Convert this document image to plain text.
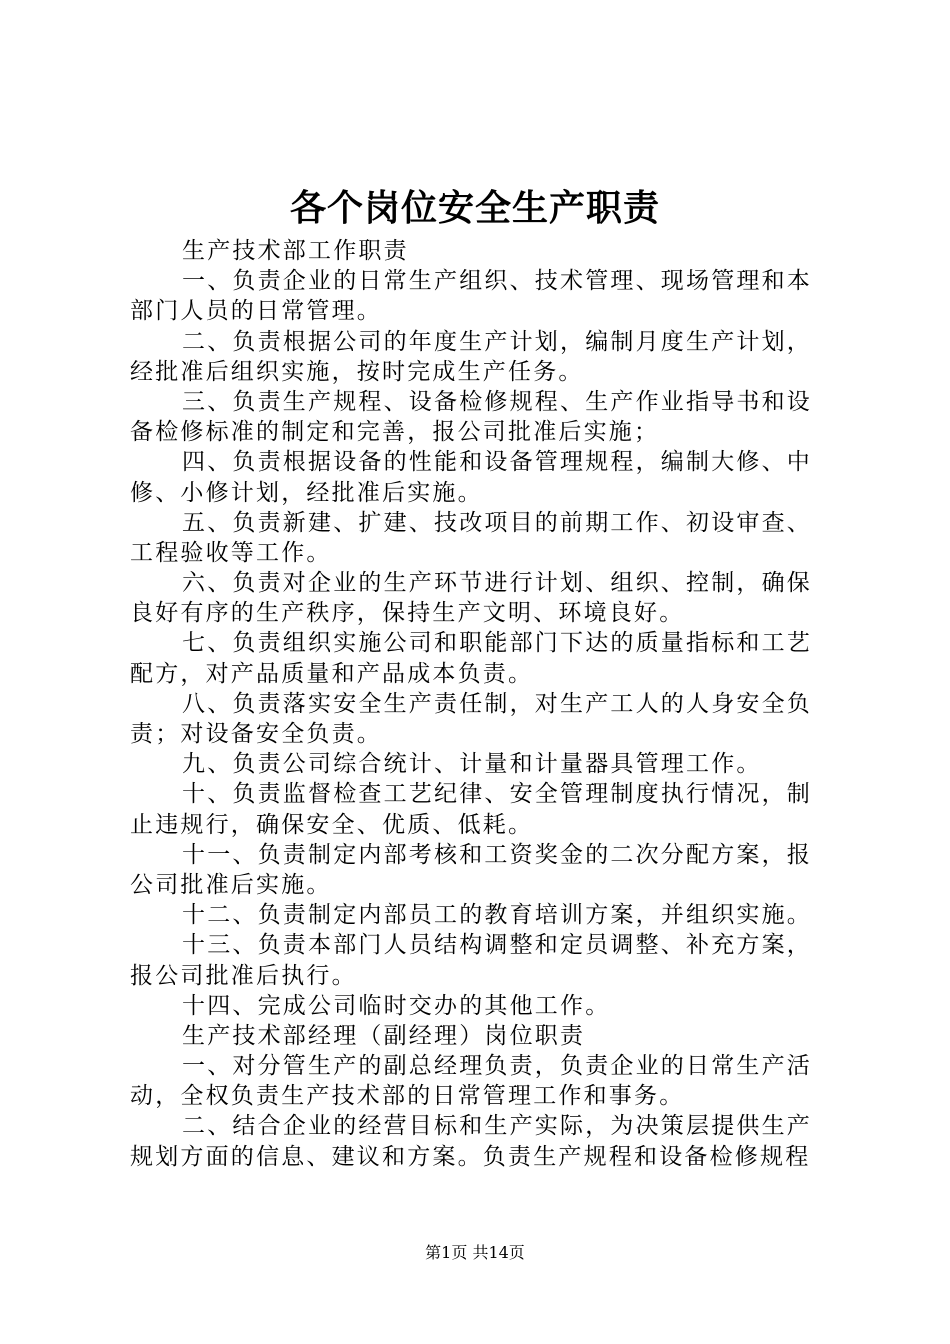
各个岗位安全生产职责
生产技术部工作职责
一、负责企业的日常生产组织、技术管理、现场管理和本
部门人员的日常管理。
二、负责根据公司的年度生产计划，编制月度生产计划，
经批准后组织实施，按时完成生产任务。
三、负责生产规程、设备检修规程、生产作业指导书和设
备检修标准的制定和完善，报公司批准后实施；
四、负责根据设备的性能和设备管理规程，编制大修、中
修、小修计划，经批准后实施。
五、负责新建、扩建、技改项目的前期工作、初设审查、
工程验收等工作。
六、负责对企业的生产环节进行计划、组织、控制，确保
良好有序的生产秩序，保持生产文明、环境良好。
七、负责组织实施公司和职能部门下达的质量指标和工艺
配方，对产品质量和产品成本负责。
八、负责落实安全生产责任制，对生产工人的人身安全负
责；对设备安全负责。
九、负责公司综合统计、计量和计量器具管理工作。
十、负责监督检查工艺纪律、安全管理制度执行情况，制
止违规行，确保安全、优质、低耗。
十一、负责制定内部考核和工资奖金的二次分配方案，报
公司批准后实施。
十二、负责制定内部员工的教育培训方案，并组织实施。
十三、负责本部门人员结构调整和定员调整、补充方案，
报公司批准后执行。
十四、完成公司临时交办的其他工作。
生产技术部经理（副经理）岗位职责
一、对分管生产的副总经理负责，负责企业的日常生产活
动，全权负责生产技术部的日常管理工作和事务。
二、结合企业的经营目标和生产实际，为决策层提供生产
规划方面的信息、建议和方案。负责生产规程和设备检修规程
第1页 共14页
